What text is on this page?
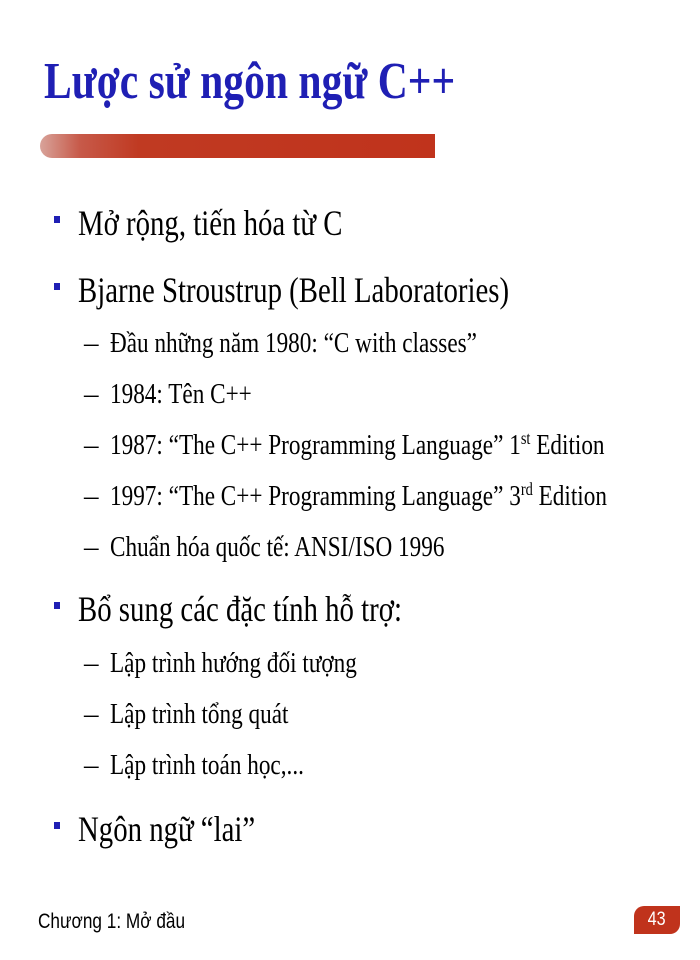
Lược sử ngôn ngữ C++
Mở rộng, tiến hóa từ C
Bjarne Stroustrup (Bell Laboratories)
– Đầu những năm 1980: “C with classes”
– 1984: Tên C++
– 1987: “The C++ Programming Language” 1st Edition
– 1997: “The C++ Programming Language” 3rd Edition
– Chuẩn hóa quốc tế: ANSI/ISO 1996
Bổ sung các đặc tính hỗ trợ:
– Lập trình hướng đối tượng
– Lập trình tổng quát
– Lập trình toán học,...
Ngôn ngữ “lai”
Chương 1: Mở đầu	43
